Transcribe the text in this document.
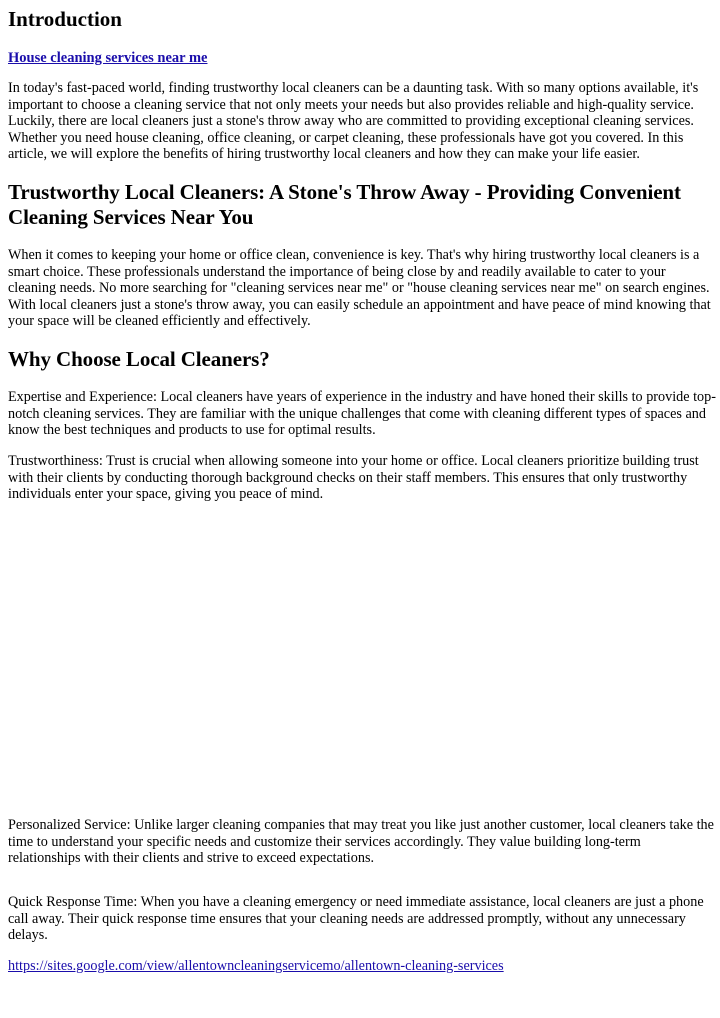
Introduction
House cleaning services near me

In today's fast-paced world, finding trustworthy local cleaners can be a daunting task. With so many options available, it's important to choose a cleaning service that not only meets your needs but also provides reliable and high-quality service. Luckily, there are local cleaners just a stone's throw away who are committed to providing exceptional cleaning services. Whether you need house cleaning, office cleaning, or carpet cleaning, these professionals have got you covered. In this article, we will explore the benefits of hiring trustworthy local cleaners and how they can make your life easier.

Trustworthy Local Cleaners: A Stone's Throw Away - Providing Convenient Cleaning Services Near You

When it comes to keeping your home or office clean, convenience is key. That's why hiring trustworthy local cleaners is a smart choice. These professionals understand the importance of being close by and readily available to cater to your cleaning needs. No more searching for "cleaning services near me" or "house cleaning services near me" on search engines. With local cleaners just a stone's throw away, you can easily schedule an appointment and have peace of mind knowing that your space will be cleaned efficiently and effectively.

Why Choose Local Cleaners?

Expertise and Experience: Local cleaners have years of experience in the industry and have honed their skills to provide top-notch cleaning services. They are familiar with the unique challenges that come with cleaning different types of spaces and know the best techniques and products to use for optimal results.

Trustworthiness: Trust is crucial when allowing someone into your home or office. Local cleaners prioritize building trust with their clients by conducting thorough background checks on their staff members. This ensures that only trustworthy individuals enter your space, giving you peace of mind.

Personalized Service: Unlike larger cleaning companies that may treat you like just another customer, local cleaners take the time to understand your specific needs and customize their services accordingly. They value building long-term relationships with their clients and strive to exceed expectations.

Quick Response Time: When you have a cleaning emergency or need immediate assistance, local cleaners are just a phone call away. Their quick response time ensures that your cleaning needs are addressed promptly, without any unnecessary delays.

https://sites.google.com/view/allentowncleaningservicemo/allentown-cleaning-services
